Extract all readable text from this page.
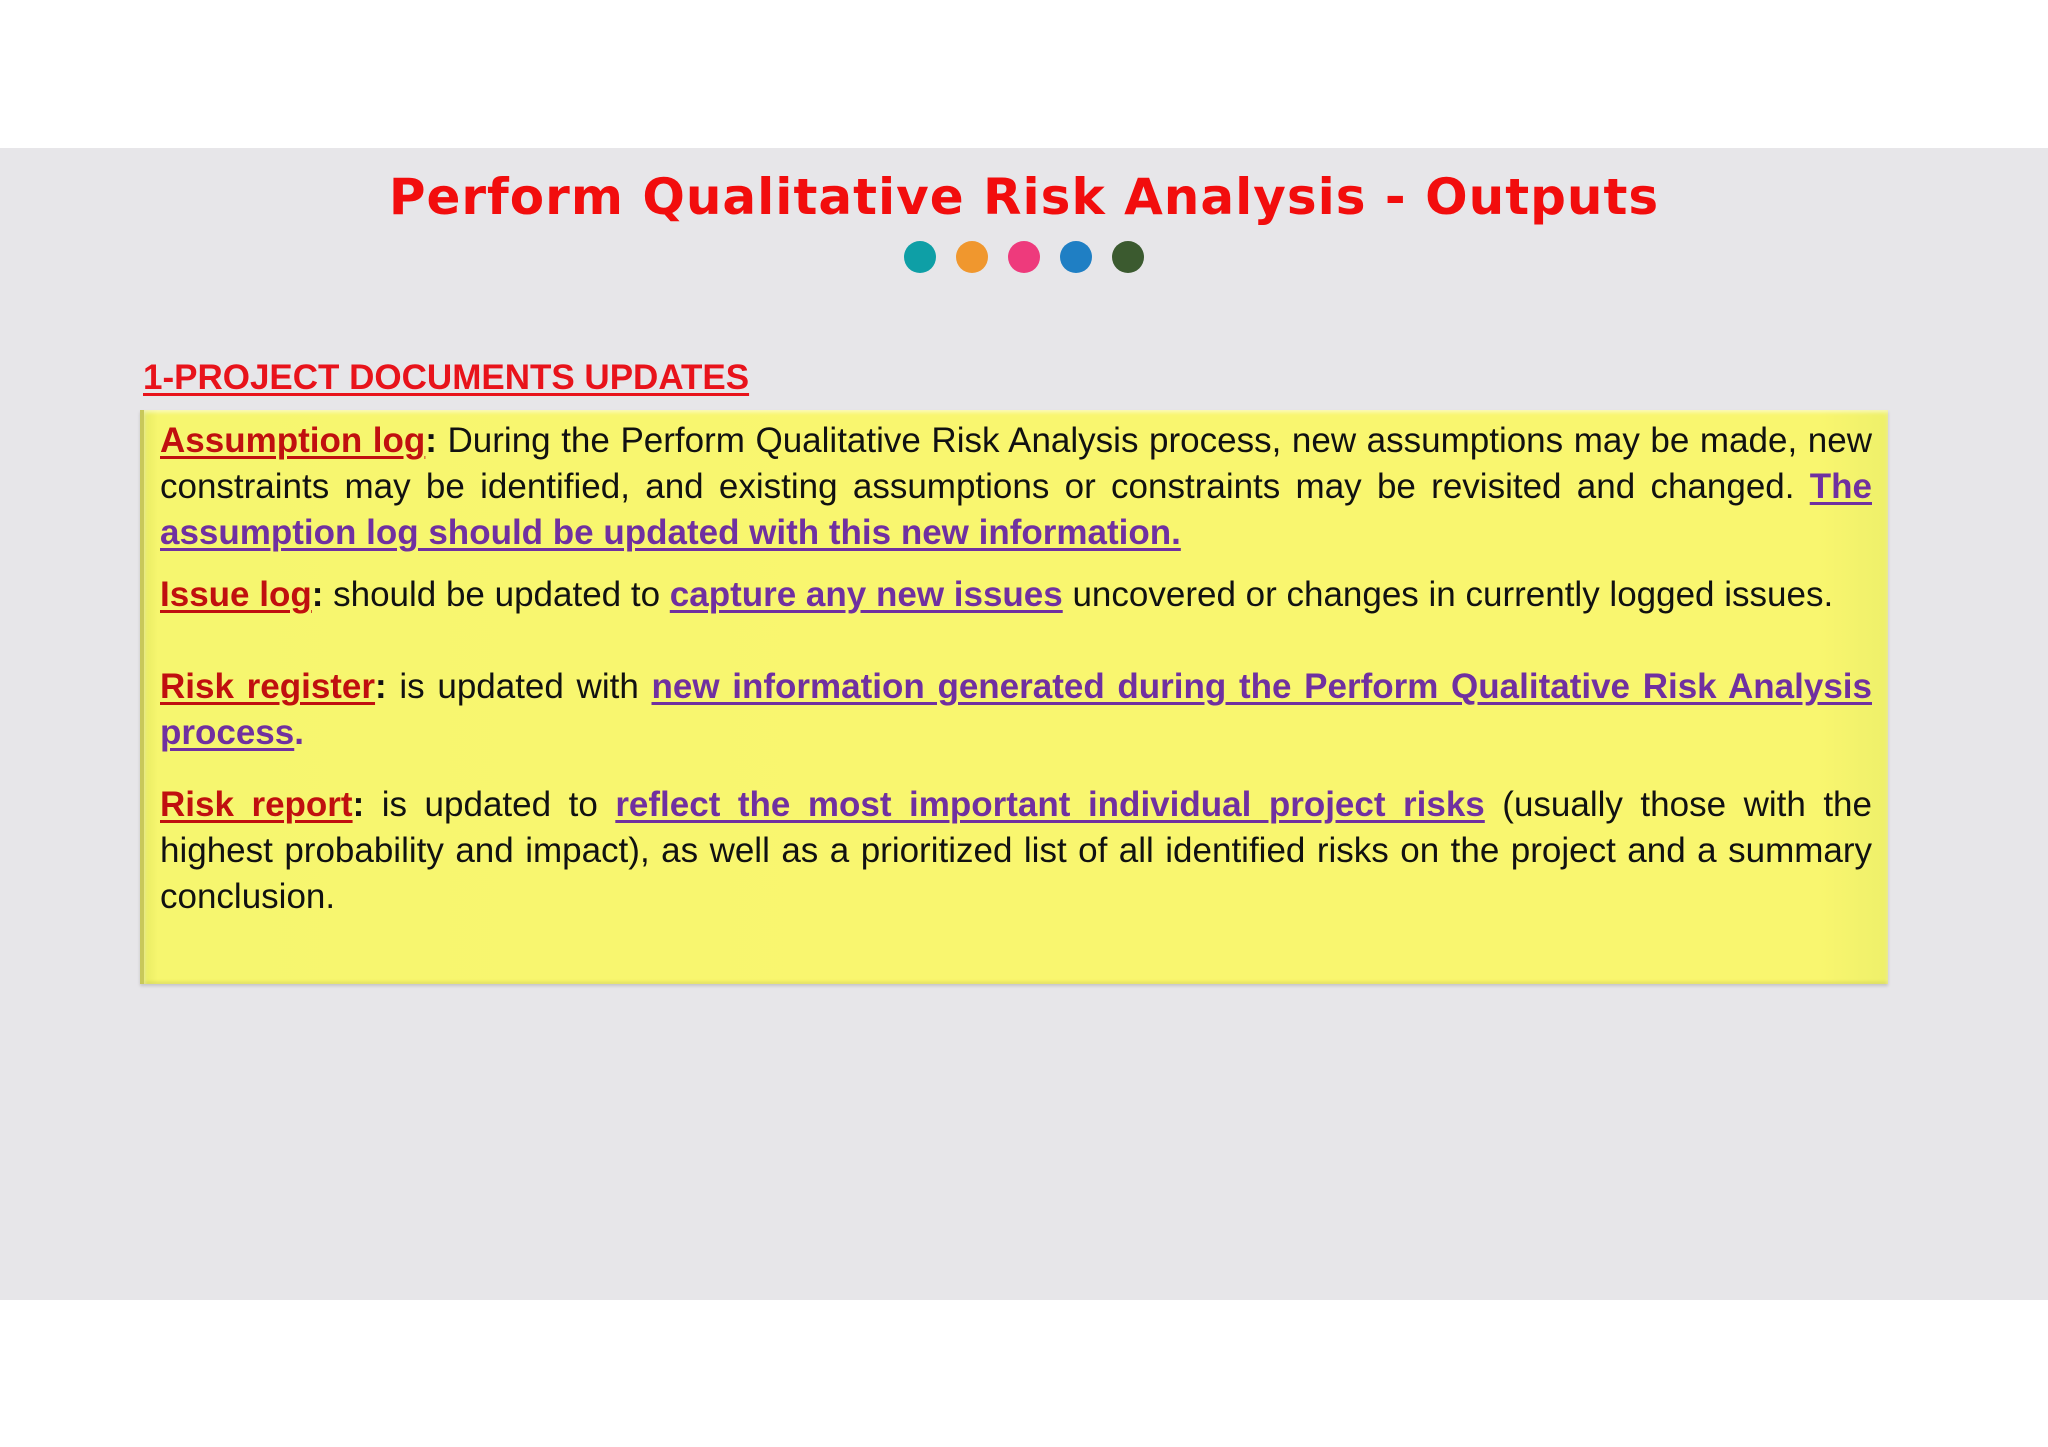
Perform Qualitative Risk Analysis - Outputs
1-PROJECT DOCUMENTS UPDATES

Assumption log: During the Perform Qualitative Risk Analysis process, new assumptions may be made, new constraints may be identified, and existing assumptions or constraints may be revisited and changed. The assumption log should be updated with this new information.

Issue log: should be updated to capture any new issues uncovered or changes in currently logged issues.

Risk register: is updated with new information generated during the Perform Qualitative Risk Analysis process.

Risk report: is updated to reflect the most important individual project risks (usually those with the highest probability and impact), as well as a prioritized list of all identified risks on the project and a summary conclusion.
